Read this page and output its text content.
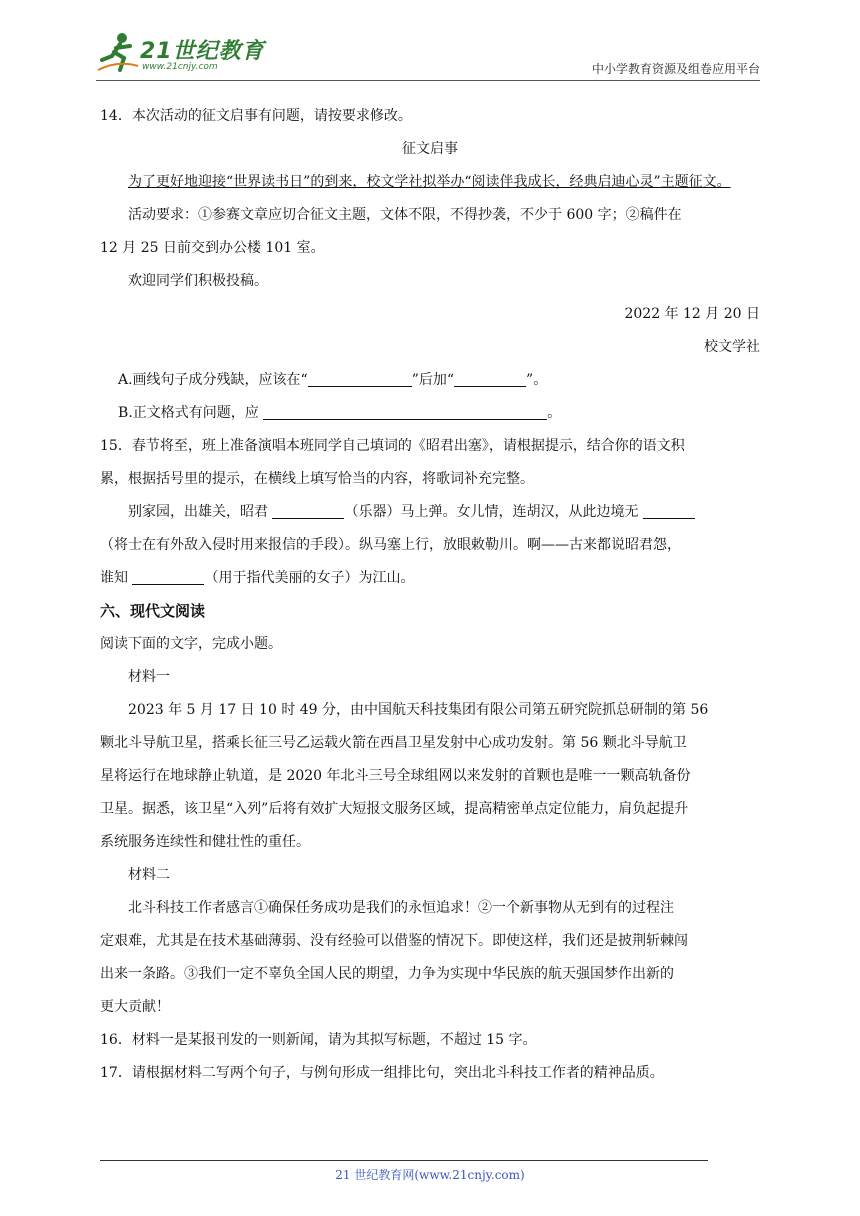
21世纪教育
www.21cnjy.com	中小学教育资源及组卷应用平台

14．本次活动的征文启事有问题，请按要求修改。

征文启事

为了更好地迎接“世界读书日”的到来，校文学社拟举办“阅读伴我成长，经典启迪心灵”主题征文。

活动要求：①参赛文章应切合征文主题，文体不限，不得抄袭，不少于 600 字；②稿件在

12 月 25 日前交到办公楼 101 室。

欢迎同学们积极投稿。

2022 年 12 月 20 日

校文学社

A.画线句子成分残缺，应该在“	”后加“	”。

B.正文格式有问题，应	。

15．春节将至，班上准备演唱本班同学自己填词的《昭君出塞》，请根据提示，结合你的语文积

累，根据括号里的提示，在横线上填写恰当的内容，将歌词补充完整。

别家园，出雄关，昭君	（乐器）马上弹。女儿情，连胡汉，从此边境无

（将士在有外敌入侵时用来报信的手段）。纵马塞上行，放眼敕勒川。啊——古来都说昭君怨，

谁知	（用于指代美丽的女子）为江山。

六、现代文阅读

阅读下面的文字，完成小题。

材料一

2023 年 5 月 17 日 10 时 49 分，由中国航天科技集团有限公司第五研究院抓总研制的第 56

颗北斗导航卫星，搭乘长征三号乙运载火箭在西昌卫星发射中心成功发射。第 56 颗北斗导航卫

星将运行在地球静止轨道，是 2020 年北斗三号全球组网以来发射的首颗也是唯一一颗高轨备份

卫星。据悉，该卫星“入列”后将有效扩大短报文服务区域，提高精密单点定位能力，肩负起提升

系统服务连续性和健壮性的重任。

材料二

北斗科技工作者感言①确保任务成功是我们的永恒追求！②一个新事物从无到有的过程注

定艰难，尤其是在技术基础薄弱、没有经验可以借鉴的情况下。即使这样，我们还是披荆斩棘闯

出来一条路。③我们一定不辜负全国人民的期望，力争为实现中华民族的航天强国梦作出新的

更大贡献！

16．材料一是某报刊发的一则新闻，请为其拟写标题，不超过 15 字。

17．请根据材料二写两个句子，与例句形成一组排比句，突出北斗科技工作者的精神品质。

21 世纪教育网(www.21cnjy.com)
